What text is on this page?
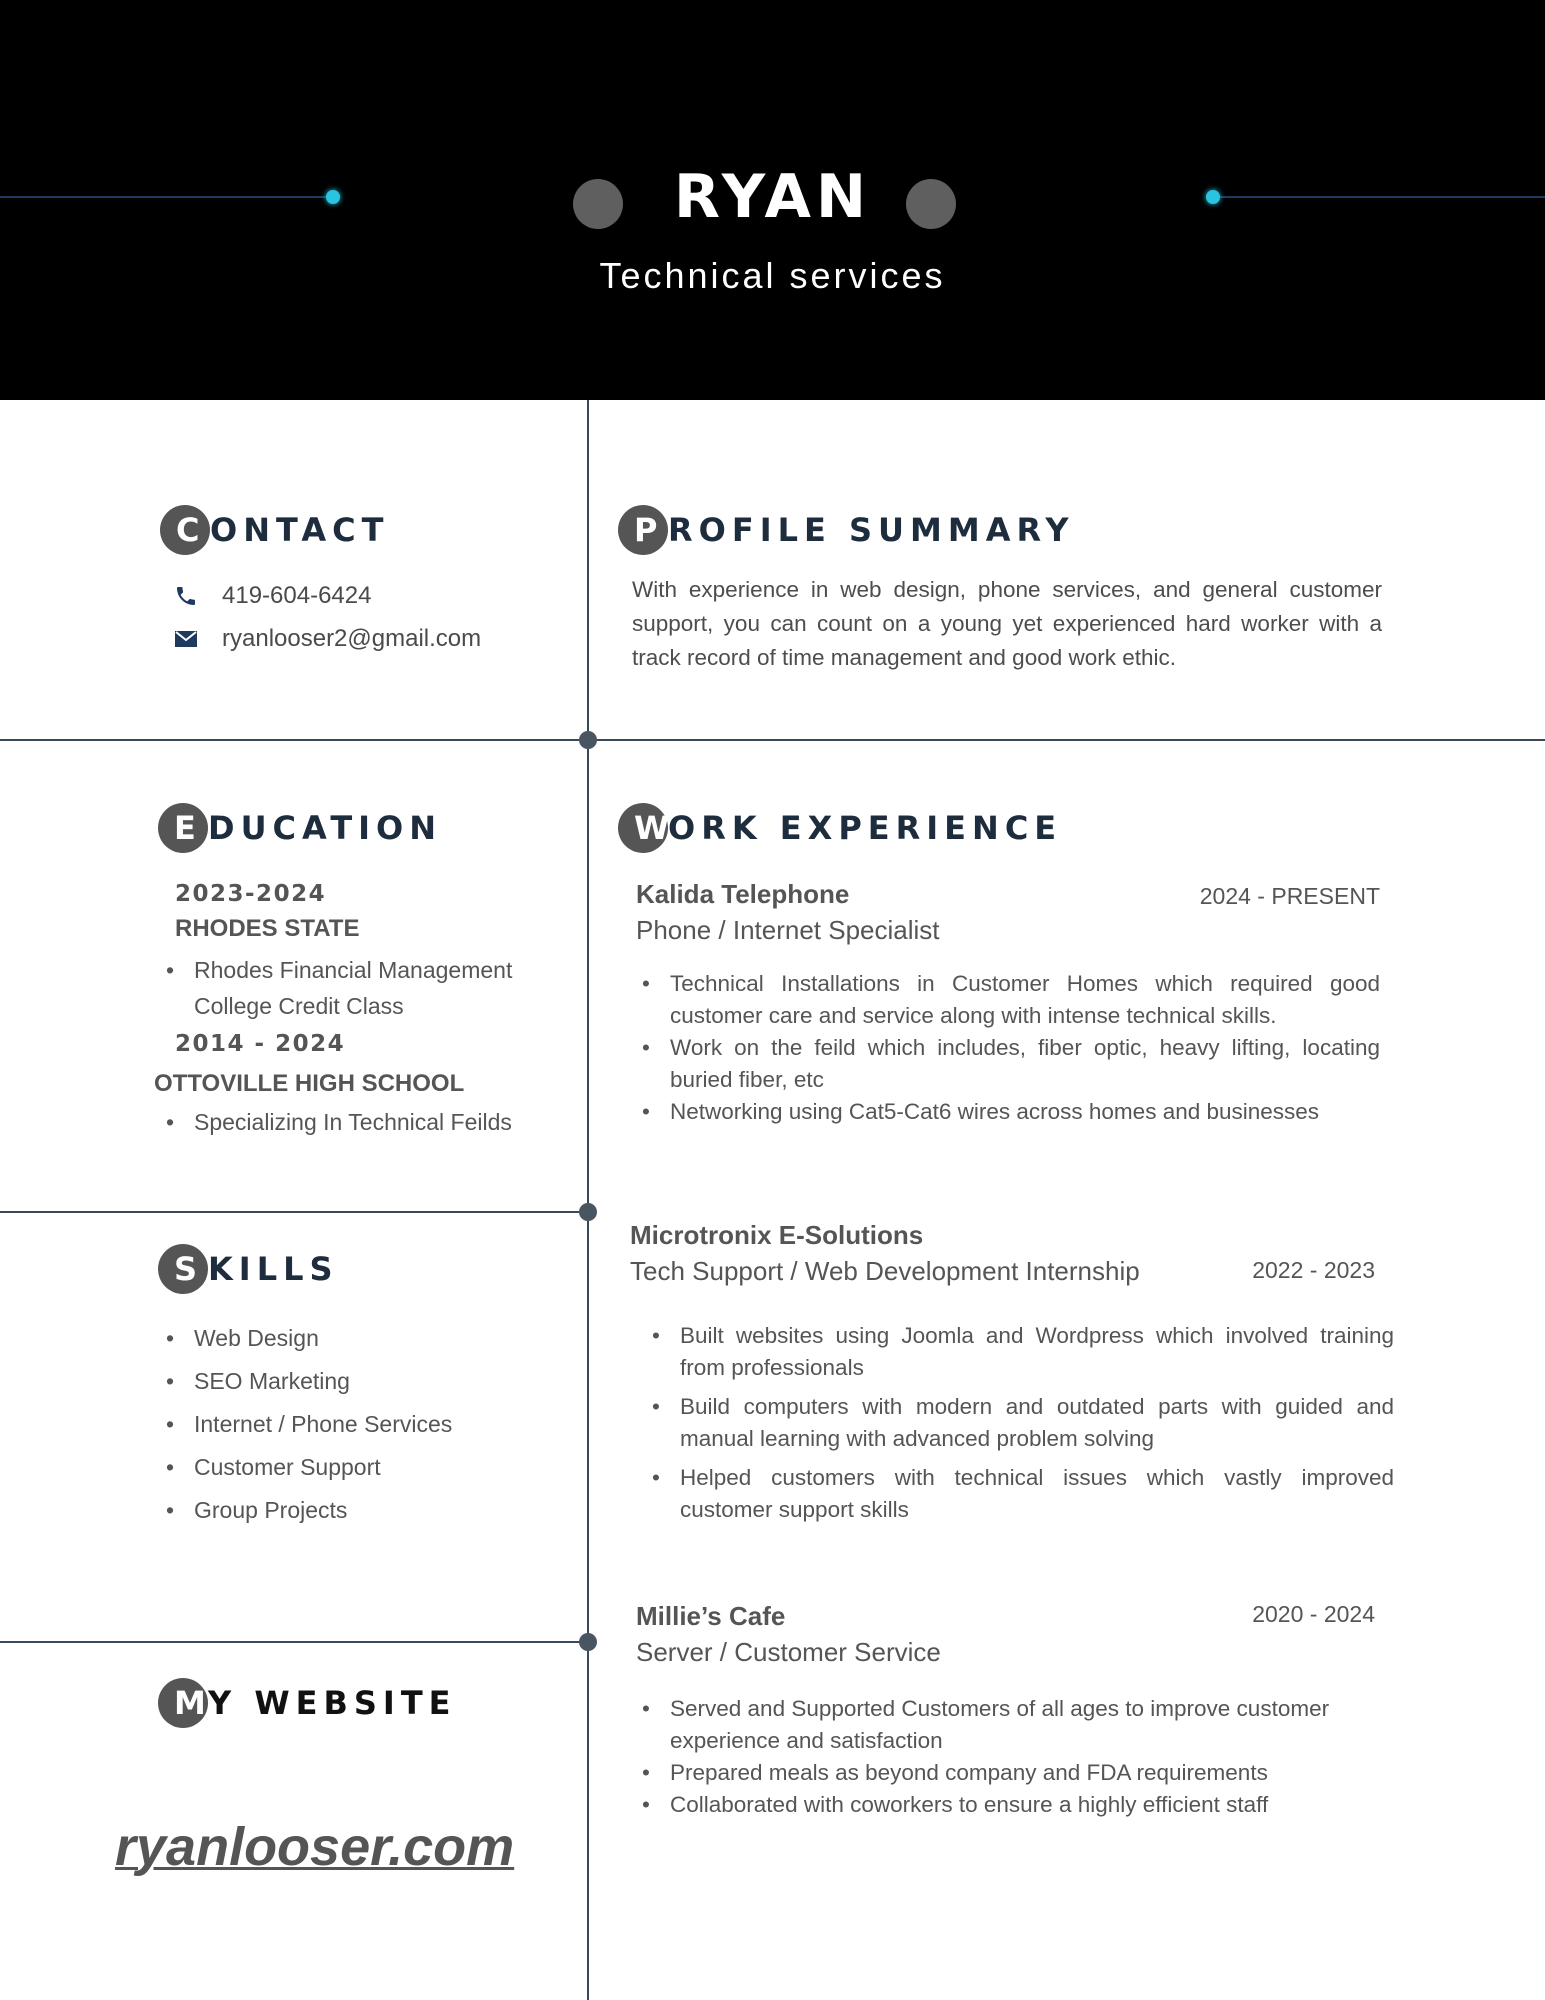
RYAN
Technical services
C ONTACT
419-604-6424
ryanlooser2@gmail.com
P ROFILE SUMMARY
With experience in web design, phone services, and general customer support, you can count on a young yet experienced hard worker with a track record of time management and good work ethic.
E DUCATION
2023-2024
RHODES STATE
• Rhodes Financial Management College Credit Class
2014 - 2024
OTTOVILLE HIGH SCHOOL
• Specializing In Technical Feilds
S KILLS
• Web Design
• SEO Marketing
• Internet / Phone Services
• Customer Support
• Group Projects
M Y WEBSITE
ryanlooser.com
W
ORK EXPERIENCE
Kalida Telephone	2024 - PRESENT
Phone / Internet Specialist
• Technical Installations in Customer Homes which required good customer care and service along with intense technical skills.
• Work on the feild which includes, fiber optic, heavy lifting, locating buried fiber, etc
• Networking using Cat5-Cat6 wires across homes and businesses
Microtronix E-Solutions
Tech Support / Web Development Internship	2022 - 2023
• Built websites using Joomla and Wordpress which involved training from professionals
• Build computers with modern and outdated parts with guided and manual learning with advanced problem solving
• Helped customers with technical issues which vastly improved customer support skills
Millie’s Cafe	2020 - 2024
Server / Customer Service
• Served and Supported Customers of all ages to improve customer experience and satisfaction
• Prepared meals as beyond company and FDA requirements
• Collaborated with coworkers to ensure a highly efficient staff
